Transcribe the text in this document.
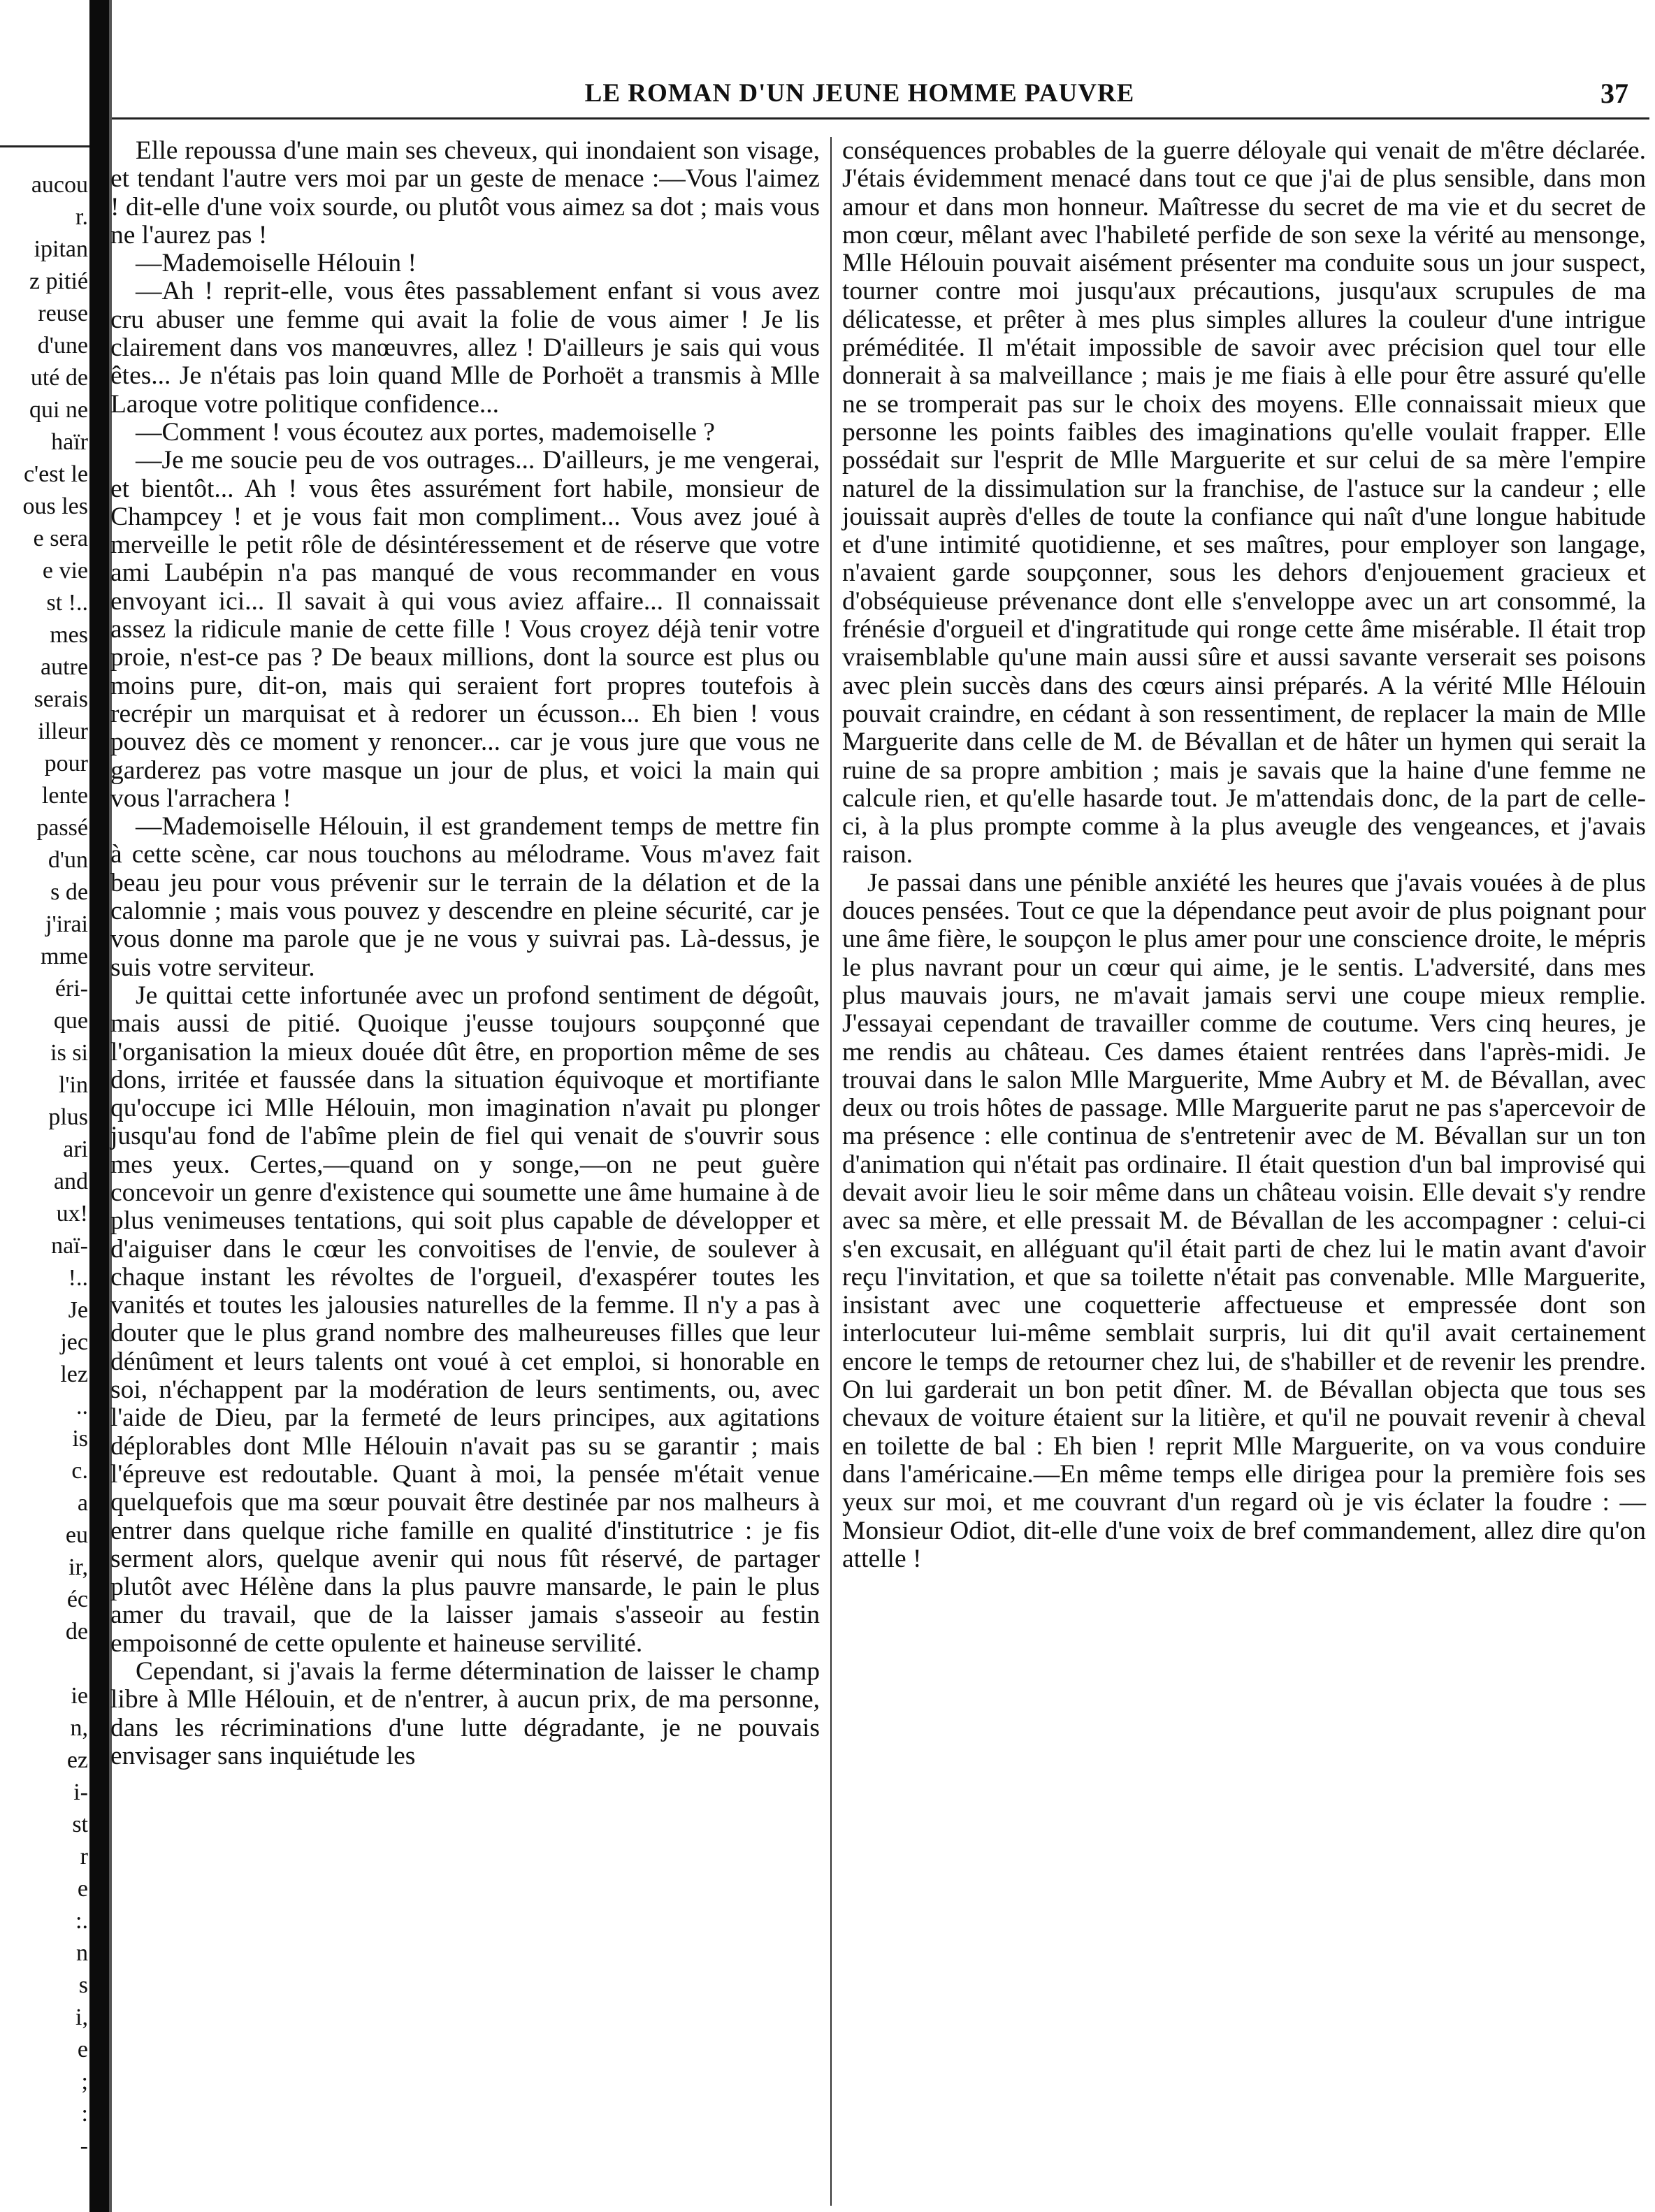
aucou
r.
ipitan
z pitié
reuse
d'une
uté de
qui ne
haïr
c'est le
ous les
e sera
e vie
st !..
mes
autre
serais
illeur
pour
lente
passé
d'un
s de
j'irai
mme
éri-
que
is si
l'in
plus
ari
and
ux!
naï-
!..
Je
jec
lez
..
is
c.
a
eu
ir,
éc
de
ie
n,
ez
i-
st
r
e
:.
n
s
i,
e
;
:
-
LE ROMAN D'UN JEUNE HOMME PAUVRE	37

Elle repoussa d'une main ses cheveux, qui inondaient son visage, et tendant l'autre vers moi par un geste de menace :—Vous l'aimez ! dit-elle d'une voix sourde, ou plutôt vous aimez sa dot ; mais vous ne l'aurez pas !

—Mademoiselle Hélouin !

—Ah ! reprit-elle, vous êtes passablement enfant si vous avez cru abuser une femme qui avait la folie de vous aimer ! Je lis clairement dans vos manœuvres, allez ! D'ailleurs je sais qui vous êtes... Je n'étais pas loin quand Mlle de Porhoët a transmis à Mlle Laroque votre politique confidence...

—Comment ! vous écoutez aux portes, mademoiselle ?

—Je me soucie peu de vos outrages... D'ailleurs, je me vengerai, et bientôt... Ah ! vous êtes assurément fort habile, monsieur de Champcey ! et je vous fait mon compliment... Vous avez joué à merveille le petit rôle de désintéressement et de réserve que votre ami Laubépin n'a pas manqué de vous recommander en vous envoyant ici... Il savait à qui vous aviez affaire... Il connaissait assez la ridicule manie de cette fille ! Vous croyez déjà tenir votre proie, n'est-ce pas ? De beaux millions, dont la source est plus ou moins pure, dit-on, mais qui seraient fort propres toutefois à recrépir un marquisat et à redorer un écusson... Eh bien ! vous pouvez dès ce moment y renoncer... car je vous jure que vous ne garderez pas votre masque un jour de plus, et voici la main qui vous l'arrachera !

—Mademoiselle Hélouin, il est grandement temps de mettre fin à cette scène, car nous touchons au mélodrame. Vous m'avez fait beau jeu pour vous prévenir sur le terrain de la délation et de la calomnie ; mais vous pouvez y descendre en pleine sécurité, car je vous donne ma parole que je ne vous y suivrai pas. Là-dessus, je suis votre serviteur.

Je quittai cette infortunée avec un profond sentiment de dégoût, mais aussi de pitié. Quoique j'eusse toujours soupçonné que l'organisation la mieux douée dût être, en proportion même de ses dons, irritée et faussée dans la situation équivoque et mortifiante qu'occupe ici Mlle Hélouin, mon imagination n'avait pu plonger jusqu'au fond de l'abîme plein de fiel qui venait de s'ouvrir sous mes yeux. Certes,—quand on y songe,—on ne peut guère concevoir un genre d'existence qui soumette une âme humaine à de plus venimeuses tentations, qui soit plus capable de développer et d'aiguiser dans le cœur les convoitises de l'envie, de soulever à chaque instant les révoltes de l'orgueil, d'exaspérer toutes les vanités et toutes les jalousies naturelles de la femme. Il n'y a pas à douter que le plus grand nombre des malheureuses filles que leur dénûment et leurs talents ont voué à cet emploi, si honorable en soi, n'échappent par la modération de leurs sentiments, ou, avec l'aide de Dieu, par la fermeté de leurs principes, aux agitations déplorables dont Mlle Hélouin n'avait pas su se garantir ; mais l'épreuve est redoutable. Quant à moi, la pensée m'était venue quelquefois que ma sœur pouvait être destinée par nos malheurs à entrer dans quelque riche famille en qualité d'institutrice : je fis serment alors, quelque avenir qui nous fût réservé, de partager plutôt avec Hélène dans la plus pauvre mansarde, le pain le plus amer du travail, que de la laisser jamais s'asseoir au festin empoisonné de cette opulente et haineuse servilité.

Cependant, si j'avais la ferme détermination de laisser le champ libre à Mlle Hélouin, et de n'entrer, à aucun prix, de ma personne, dans les récriminations d'une lutte dégradante, je ne pouvais envisager sans inquiétude les

conséquences probables de la guerre déloyale qui venait de m'être déclarée. J'étais évidemment menacé dans tout ce que j'ai de plus sensible, dans mon amour et dans mon honneur. Maîtresse du secret de ma vie et du secret de mon cœur, mêlant avec l'habileté perfide de son sexe la vérité au mensonge, Mlle Hélouin pouvait aisément présenter ma conduite sous un jour suspect, tourner contre moi jusqu'aux précautions, jusqu'aux scrupules de ma délicatesse, et prêter à mes plus simples allures la couleur d'une intrigue préméditée. Il m'était impossible de savoir avec précision quel tour elle donnerait à sa malveillance ; mais je me fiais à elle pour être assuré qu'elle ne se tromperait pas sur le choix des moyens. Elle connaissait mieux que personne les points faibles des imaginations qu'elle voulait frapper. Elle possédait sur l'esprit de Mlle Marguerite et sur celui de sa mère l'empire naturel de la dissimulation sur la franchise, de l'astuce sur la candeur ; elle jouissait auprès d'elles de toute la confiance qui naît d'une longue habitude et d'une intimité quotidienne, et ses maîtres, pour employer son langage, n'avaient garde soupçonner, sous les dehors d'enjouement gracieux et d'obséquieuse prévenance dont elle s'enveloppe avec un art consommé, la frénésie d'orgueil et d'ingratitude qui ronge cette âme misérable. Il était trop vraisemblable qu'une main aussi sûre et aussi savante verserait ses poisons avec plein succès dans des cœurs ainsi préparés. A la vérité Mlle Hélouin pouvait craindre, en cédant à son ressentiment, de replacer la main de Mlle Marguerite dans celle de M. de Bévallan et de hâter un hymen qui serait la ruine de sa propre ambition ; mais je savais que la haine d'une femme ne calcule rien, et qu'elle hasarde tout. Je m'attendais donc, de la part de celle-ci, à la plus prompte comme à la plus aveugle des vengeances, et j'avais raison.

Je passai dans une pénible anxiété les heures que j'avais vouées à de plus douces pensées. Tout ce que la dépendance peut avoir de plus poignant pour une âme fière, le soupçon le plus amer pour une conscience droite, le mépris le plus navrant pour un cœur qui aime, je le sentis. L'adversité, dans mes plus mauvais jours, ne m'avait jamais servi une coupe mieux remplie. J'essayai cependant de travailler comme de coutume. Vers cinq heures, je me rendis au château. Ces dames étaient rentrées dans l'après-midi. Je trouvai dans le salon Mlle Marguerite, Mme Aubry et M. de Bévallan, avec deux ou trois hôtes de passage. Mlle Marguerite parut ne pas s'apercevoir de ma présence : elle continua de s'entretenir avec de M. Bévallan sur un ton d'animation qui n'était pas ordinaire. Il était question d'un bal improvisé qui devait avoir lieu le soir même dans un château voisin. Elle devait s'y rendre avec sa mère, et elle pressait M. de Bévallan de les accompagner : celui-ci s'en excusait, en alléguant qu'il était parti de chez lui le matin avant d'avoir reçu l'invitation, et que sa toilette n'était pas convenable. Mlle Marguerite, insistant avec une coquetterie affectueuse et empressée dont son interlocuteur lui-même semblait surpris, lui dit qu'il avait certainement encore le temps de retourner chez lui, de s'habiller et de revenir les prendre. On lui garderait un bon petit dîner. M. de Bévallan objecta que tous ses chevaux de voiture étaient sur la litière, et qu'il ne pouvait revenir à cheval en toilette de bal : Eh bien ! reprit Mlle Marguerite, on va vous conduire dans l'américaine.—En même temps elle dirigea pour la première fois ses yeux sur moi, et me couvrant d'un regard où je vis éclater la foudre : —Monsieur Odiot, dit-elle d'une voix de bref commandement, allez dire qu'on attelle !
